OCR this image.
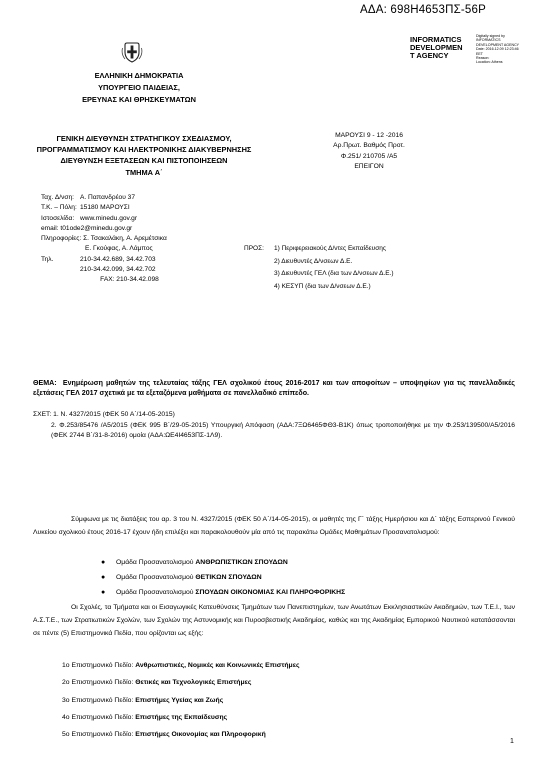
ΑΔΑ: 698Η4653ΠΣ-56Ρ
INFORMATICS DEVELOPMEN T AGENCY
Digitally signed by
INFORMATICS
DEVELOPMENT AGENCY
Date: 2016.12.09 12:23:46
EET
Reason:
Location: Athens
ΕΛΛΗΝΙΚΗ ΔΗΜΟΚΡΑΤΙΑ
ΥΠΟΥΡΓΕΙΟ ΠΑΙΔΕΙΑΣ,
ΕΡΕΥΝΑΣ ΚΑΙ ΘΡΗΣΚΕΥΜΑΤΩΝ
ΓΕΝΙΚΗ ΔΙΕΥΘΥΝΣΗ ΣΤΡΑΤΗΓΙΚΟΥ ΣΧΕΔΙΑΣΜΟΥ,
ΠΡΟΓΡΑΜΜΑΤΙΣΜΟΥ ΚΑΙ ΗΛΕΚΤΡΟΝΙΚΗΣ ΔΙΑΚΥΒΕΡΝΗΣΗΣ
ΔΙΕΥΘΥΝΣΗ ΕΞΕΤΑΣΕΩΝ ΚΑΙ ΠΙΣΤΟΠΟΙΗΣΕΩΝ
ΤΜΗΜΑ Α΄
ΜΑΡΟΥΣΙ 9 - 12 -2016
Αρ.Πρωτ. Βαθμός Προτ.
Φ.251/ 210705 /Α5
ΕΠΕΙΓΟΝ
Ταχ. Δ/νση: Α. Παπανδρέου 37
Τ.Κ. – Πόλη: 15180 ΜΑΡΟΥΣΙ
Ιστοσελίδα: www.minedu.gov.gr
email: t01ode2@minedu.gov.gr
Πληροφορίες: Σ. Τσακαλάκη, Α. Αρεμέτσικα
Ε. Γκούφας, Α. Λάμπος
Τηλ.	210-34.42.689, 34.42.703
210-34.42.099, 34.42.702
FAX: 210-34.42.098
ΠΡΟΣ:	1) Περιφερειακούς Δ/ντες Εκπαίδευσης
2) Διευθυντές Δ/νσεων Δ.Ε.
3) Διευθυντές ΓΕΛ (δια των Δ/νσεων Δ.Ε.)
4) ΚΕΣΥΠ (δια των Δ/νσεων Δ.Ε.)
ΘΕΜΑ: Ενημέρωση μαθητών της τελευταίας τάξης ΓΕΛ σχολικού έτους 2016-2017 και των αποφοίτων – υποψηφίων για τις πανελλαδικές εξετάσεις ΓΕΛ 2017 σχετικά με τα εξεταζόμενα μαθήματα σε πανελλαδικό επίπεδο.
ΣΧΕΤ: 1. Ν. 4327/2015 (ΦΕΚ 50 Α΄/14-05-2015)
2. Φ.253/85476 /Α5/2015 (ΦΕΚ 995 Β΄/29-05-2015) Υπουργική Απόφαση (ΑΔΑ:7ΞΩ6465ΦΘ3-Β1Κ) όπως τροποποιήθηκε με την Φ.253/139500/Α5/2016 (ΦΕΚ 2744 Β΄/31-8-2016) ομοία (ΑΔΑ:ΩΕ4Ι4653ΠΣ-1Λ9).
Σύμφωνα με τις διατάξεις του αρ. 3 του Ν. 4327/2015 (ΦΕΚ 50 Α΄/14-05-2015), οι μαθητές της Γ΄ τάξης Ημερήσιου και Δ΄ τάξης Εσπερινού Γενικού Λυκείου σχολικού έτους 2016-17 έχουν ήδη επιλέξει και παρακολουθούν μία από τις παρακάτω Ομάδες Μαθημάτων Προσανατολισμού:
● Ομάδα Προσανατολισμού ΑΝΘΡΩΠΙΣΤΙΚΩΝ ΣΠΟΥΔΩΝ
● Ομάδα Προσανατολισμού ΘΕΤΙΚΩΝ ΣΠΟΥΔΩΝ
● Ομάδα Προσανατολισμού ΣΠΟΥΔΩΝ ΟΙΚΟΝΟΜΙΑΣ ΚΑΙ ΠΛΗΡΟΦΟΡΙΚΗΣ
Οι Σχολές, τα Τμήματα και οι Εισαγωγικές Κατευθύνσεις Τμημάτων των Πανεπιστημίων, των Ανωτάτων Εκκλησιαστικών Ακαδημιών, των Τ.Ε.Ι., των Α.Σ.Τ.Ε., των Στρατιωτικών Σχολών, των Σχολών της Αστυνομικής και Πυροσβεστικής Ακαδημίας, καθώς και της Ακαδημίας Εμπορικού Ναυτικού κατατάσσονται σε πέντε (5) Επιστημονικά Πεδία, που ορίζονται ως εξής:
1ο Επιστημονικό Πεδίο: Ανθρωπιστικές, Νομικές και Κοινωνικές Επιστήμες
2ο Επιστημονικό Πεδίο: Θετικές και Τεχνολογικές Επιστήμες
3ο Επιστημονικό Πεδίο: Επιστήμες Υγείας και Ζωής
4ο Επιστημονικό Πεδίο: Επιστήμες της Εκπαίδευσης
5ο Επιστημονικό Πεδίο: Επιστήμες Οικονομίας και Πληροφορική
1
